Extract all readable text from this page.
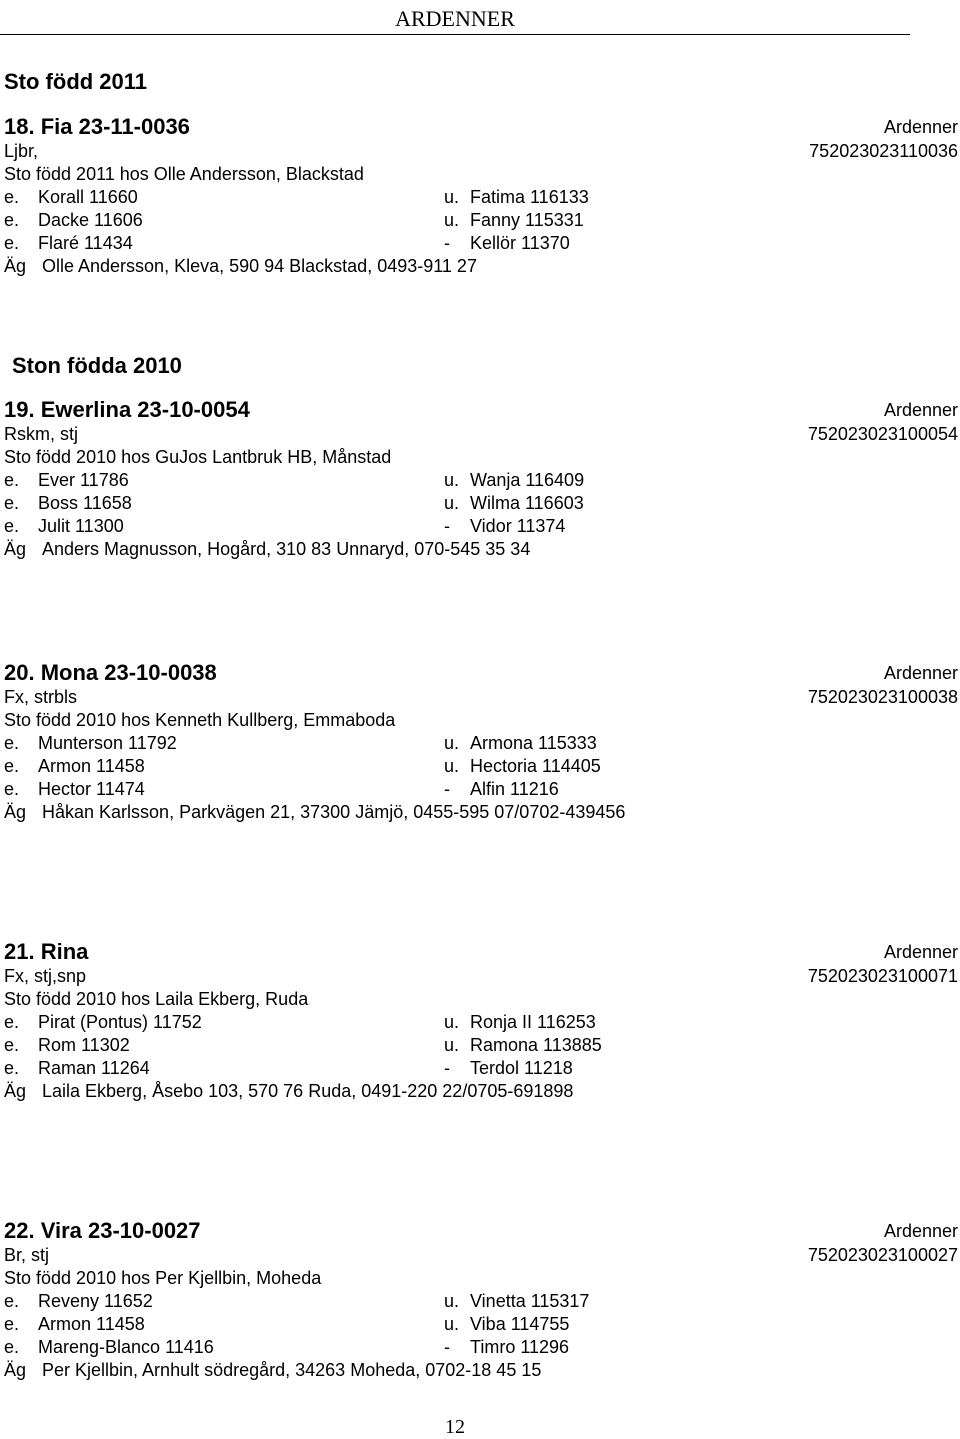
ARDENNER
Sto född 2011
Ston födda 2010
18. Fia 23-11-0036	Ardenner
Ljbr,	752023023110036
Sto född 2011 hos Olle Andersson, Blackstad
e. Korall 11660	u. Fatima 116133
e. Dacke 11606	u. Fanny 115331
e. Flaré 11434	- Kellör 11370
Äg Olle Andersson, Kleva, 590 94 Blackstad, 0493-911 27
19. Ewerlina 23-10-0054	Ardenner
Rskm, stj	752023023100054
Sto född 2010 hos GuJos Lantbruk HB, Månstad
e. Ever 11786	u. Wanja 116409
e. Boss 11658	u. Wilma 116603
e. Julit 11300	- Vidor 11374
Äg Anders Magnusson, Hogård, 310 83 Unnaryd, 070-545 35 34
20. Mona 23-10-0038	Ardenner
Fx, strbls	752023023100038
Sto född 2010 hos Kenneth Kullberg, Emmaboda
e. Munterson 11792	u. Armona 115333
e. Armon 11458	u. Hectoria 114405
e. Hector 11474	- Alfin 11216
Äg Håkan Karlsson, Parkvägen 21, 37300 Jämjö, 0455-595 07/0702-439456
21. Rina	Ardenner
Fx, stj,snp	752023023100071
Sto född 2010 hos Laila Ekberg, Ruda
e. Pirat (Pontus) 11752	u. Ronja II 116253
e. Rom 11302	u. Ramona 113885
e. Raman 11264	- Terdol 11218
Äg Laila Ekberg, Åsebo 103, 570 76 Ruda, 0491-220 22/0705-691898
22. Vira 23-10-0027	Ardenner
Br, stj	752023023100027
Sto född 2010 hos Per Kjellbin, Moheda
e. Reveny 11652	u. Vinetta 115317
e. Armon 11458	u. Viba 114755
e. Mareng-Blanco 11416	- Timro 11296
Äg Per Kjellbin, Arnhult södregård, 34263 Moheda, 0702-18 45 15
12
